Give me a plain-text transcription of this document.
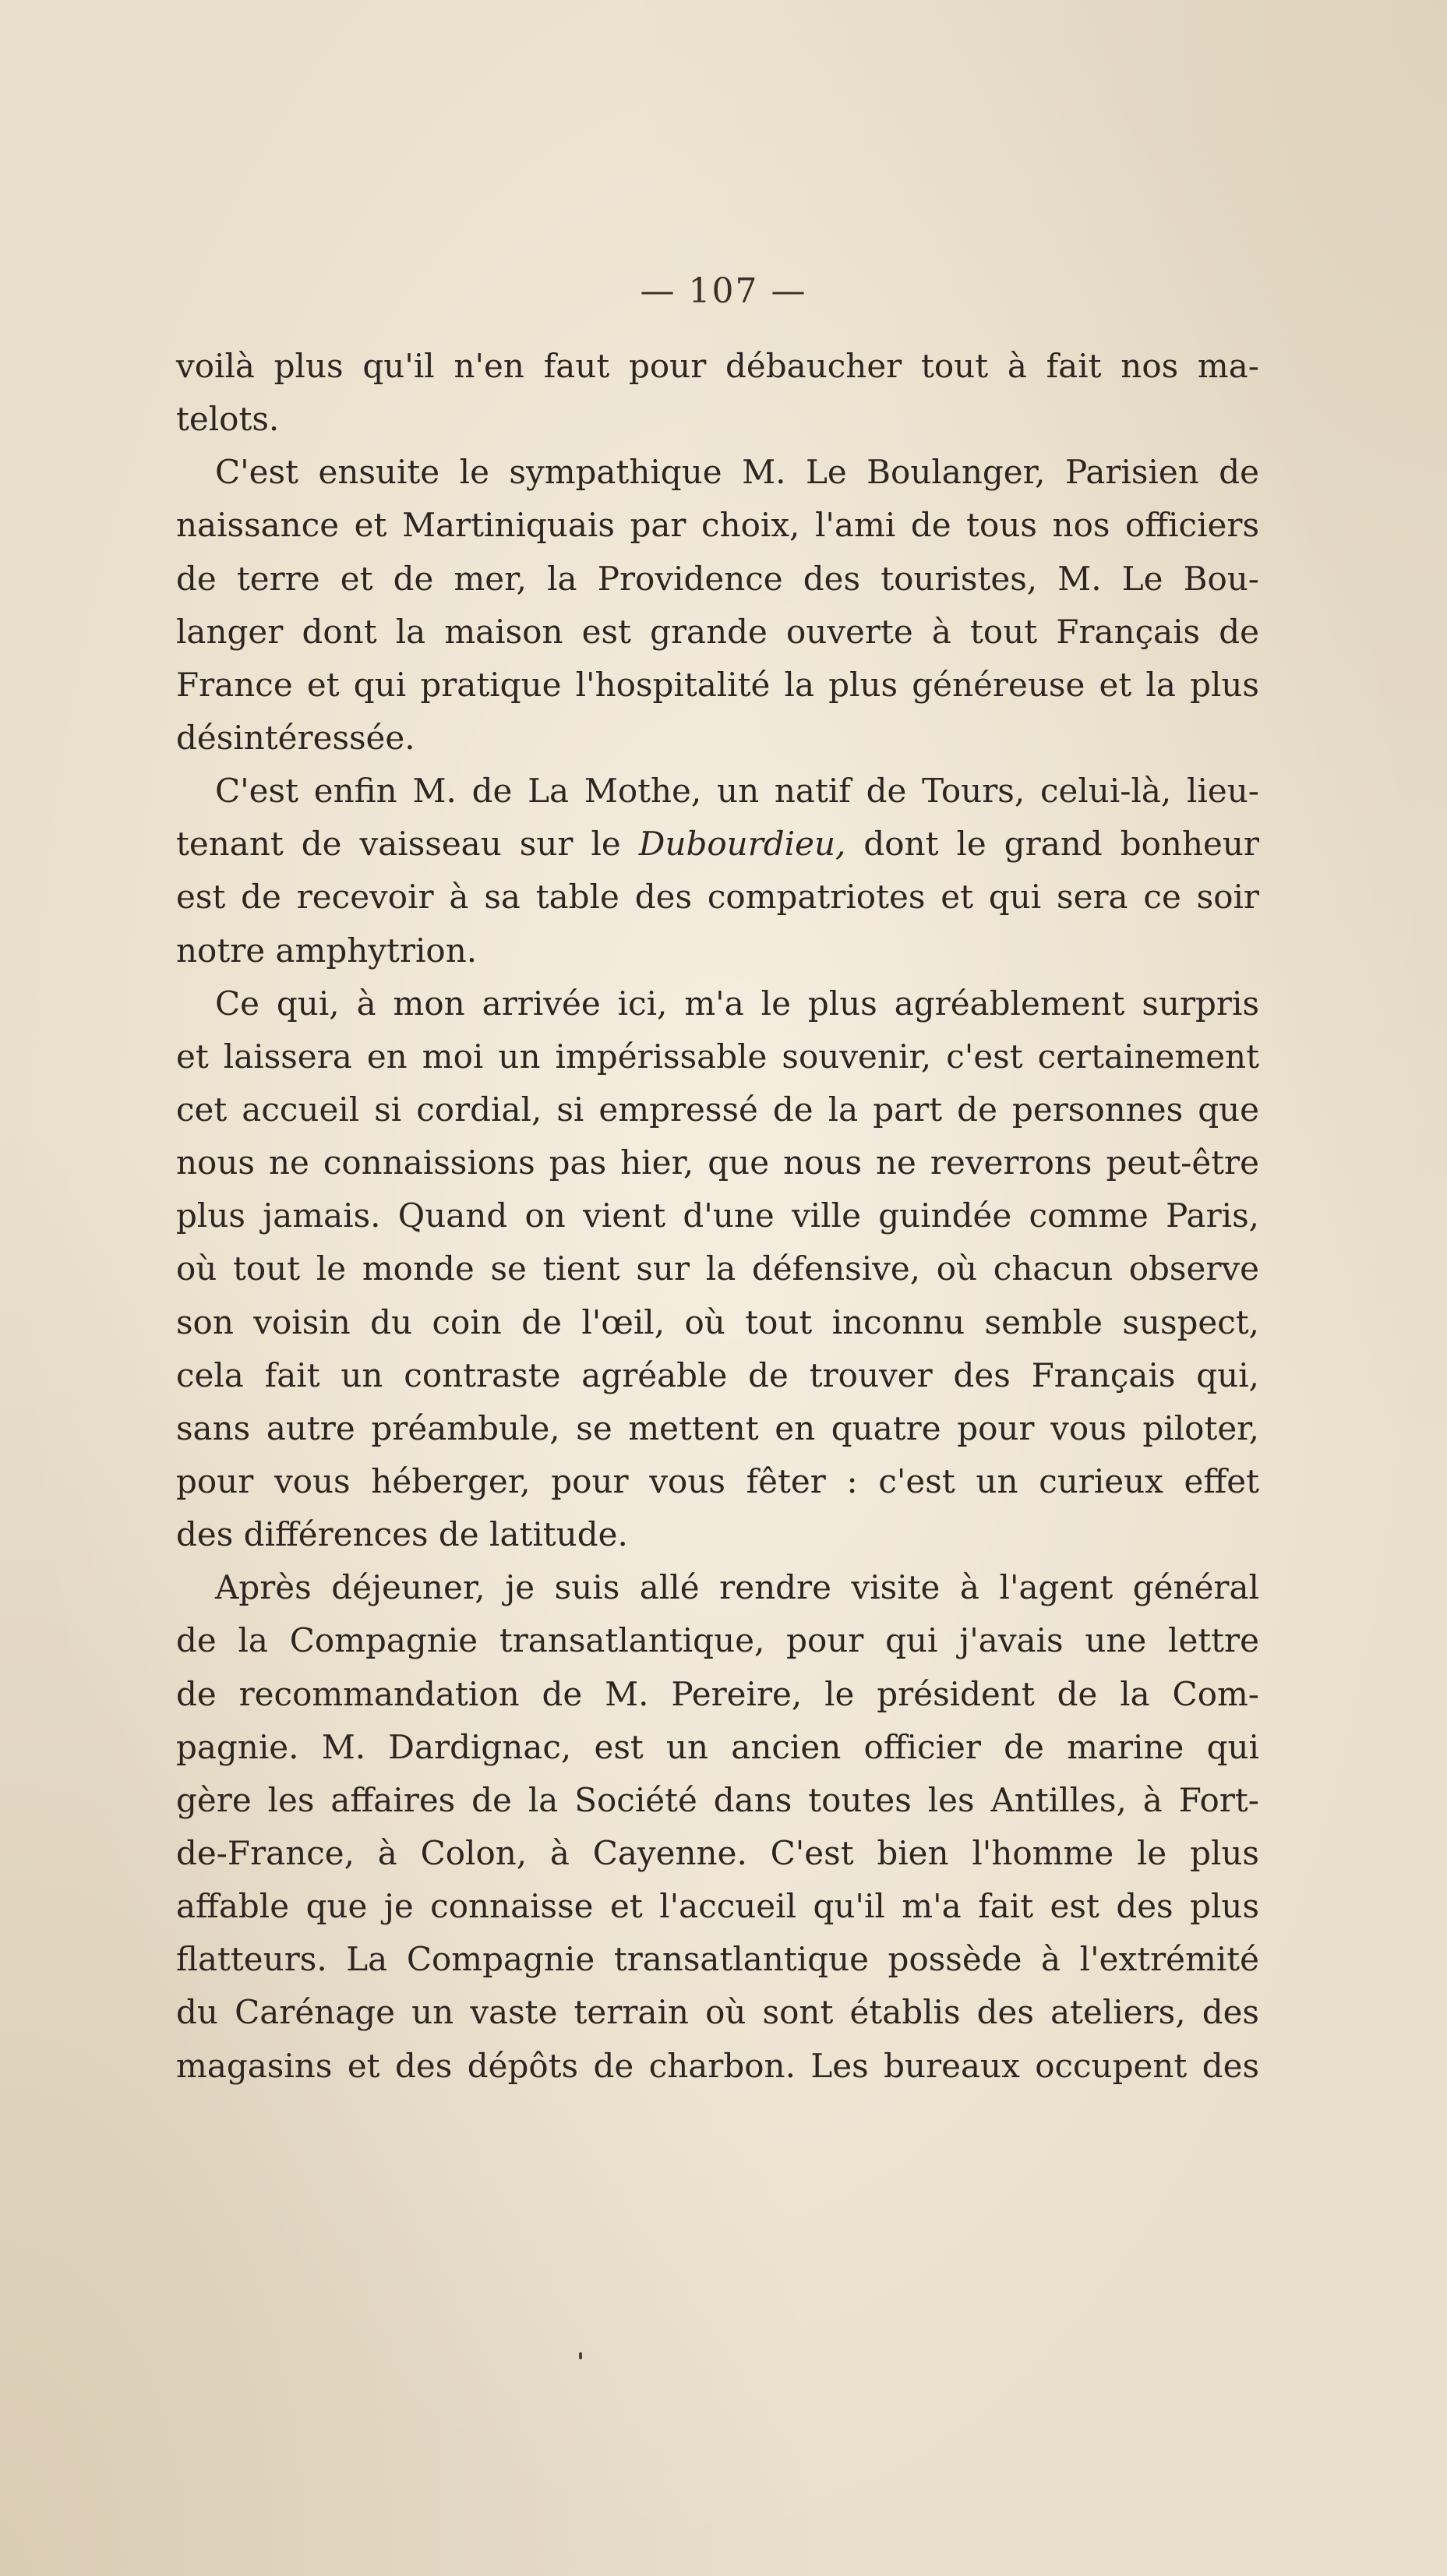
— 107 —
voilà plus qu'il n'en faut pour débaucher tout à fait nos ma-
telots.
C'est ensuite le sympathique M. Le Boulanger, Parisien de
naissance et Martiniquais par choix, l'ami de tous nos officiers
de terre et de mer, la Providence des touristes, M. Le Bou-
langer dont la maison est grande ouverte à tout Français de
France et qui pratique l'hospitalité la plus généreuse et la plus
désintéressée.
C'est enfin M. de La Mothe, un natif de Tours, celui-là, lieu-
tenant de vaisseau sur le Dubourdieu, dont le grand bonheur
est de recevoir à sa table des compatriotes et qui sera ce soir
notre amphytrion.
Ce qui, à mon arrivée ici, m'a le plus agréablement surpris
et laissera en moi un impérissable souvenir, c'est certainement
cet accueil si cordial, si empressé de la part de personnes que
nous ne connaissions pas hier, que nous ne reverrons peut-être
plus jamais. Quand on vient d'une ville guindée comme Paris,
où tout le monde se tient sur la défensive, où chacun observe
son voisin du coin de l'œil, où tout inconnu semble suspect,
cela fait un contraste agréable de trouver des Français qui,
sans autre préambule, se mettent en quatre pour vous piloter,
pour vous héberger, pour vous fêter : c'est un curieux effet
des différences de latitude.
Après déjeuner, je suis allé rendre visite à l'agent général
de la Compagnie transatlantique, pour qui j'avais une lettre
de recommandation de M. Pereire, le président de la Com-
pagnie. M. Dardignac, est un ancien officier de marine qui
gère les affaires de la Société dans toutes les Antilles, à Fort-
de-France, à Colon, à Cayenne. C'est bien l'homme le plus
affable que je connaisse et l'accueil qu'il m'a fait est des plus
flatteurs. La Compagnie transatlantique possède à l'extrémité
du Carénage un vaste terrain où sont établis des ateliers, des
magasins et des dépôts de charbon. Les bureaux occupent des
